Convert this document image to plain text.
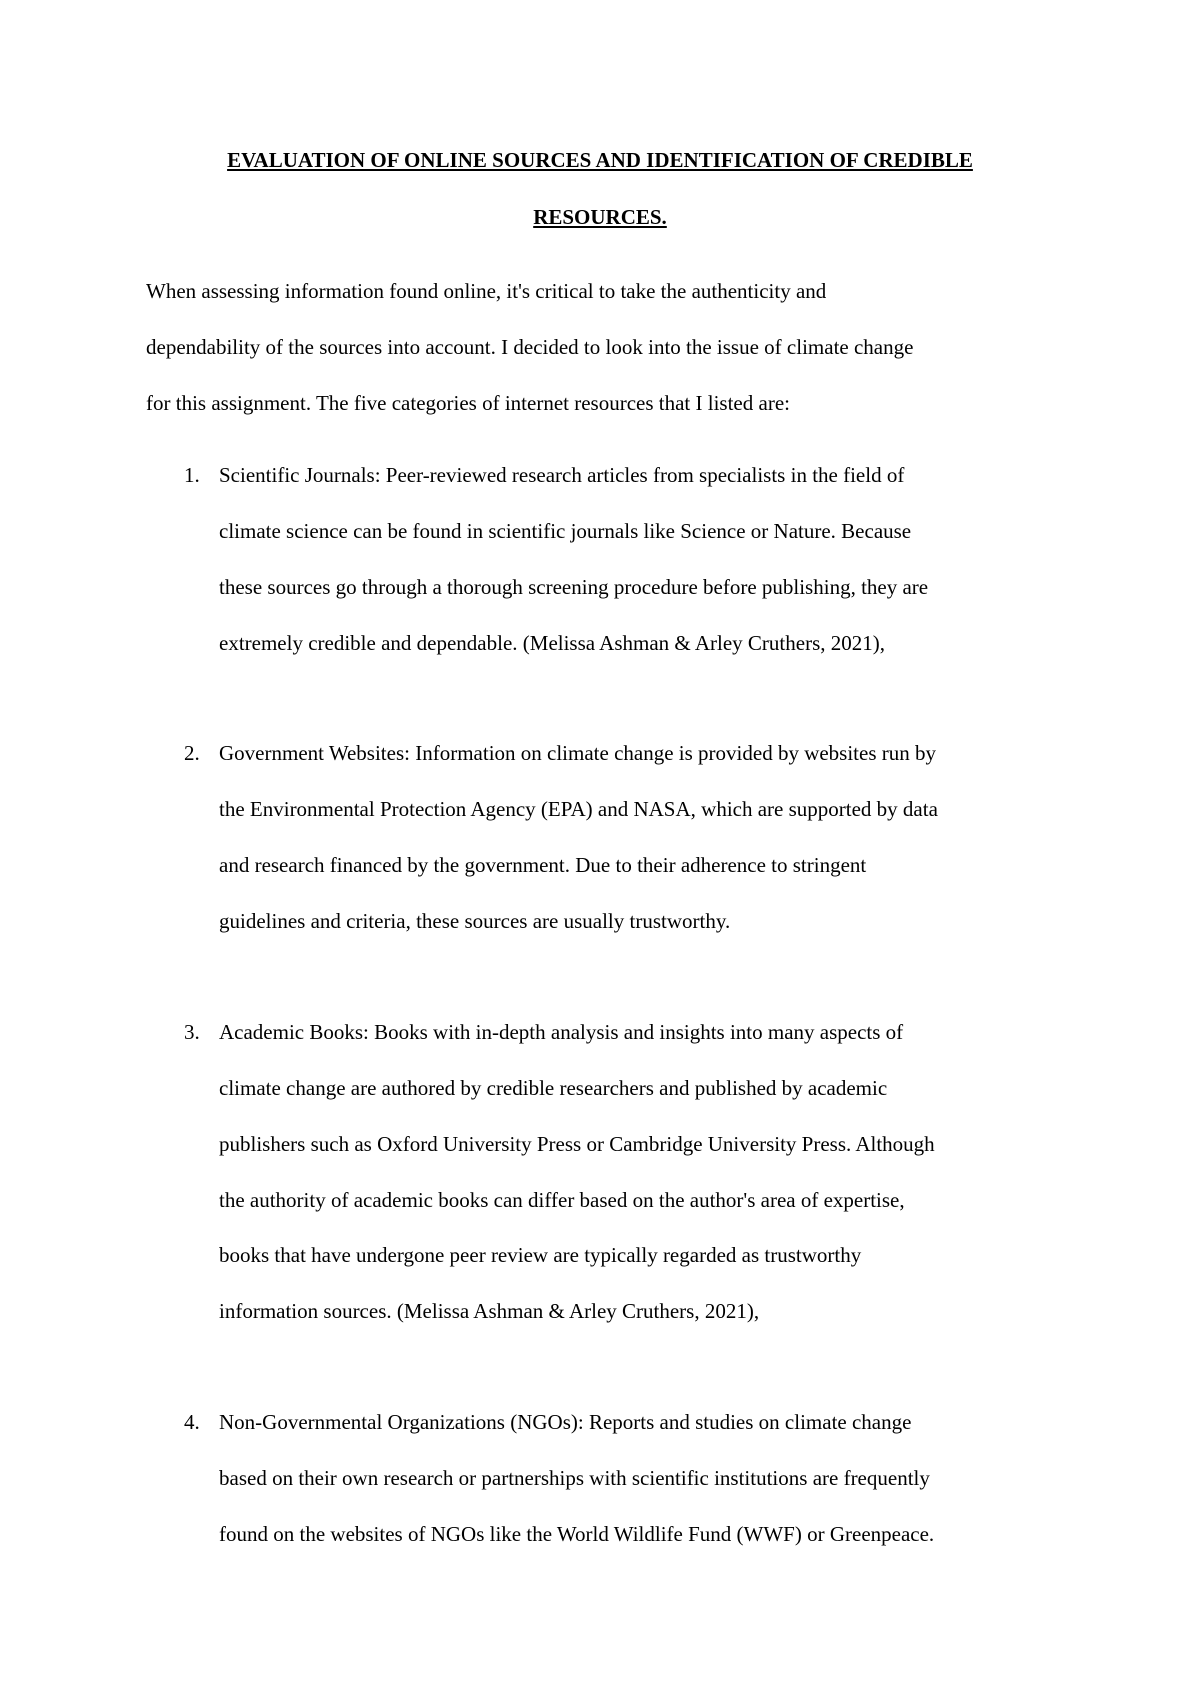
EVALUATION OF ONLINE SOURCES AND IDENTIFICATION OF CREDIBLE
RESOURCES.
When assessing information found online, it's critical to take the authenticity and
dependability of the sources into account. I decided to look into the issue of climate change
for this assignment. The five categories of internet resources that I listed are:
1. Scientific Journals: Peer-reviewed research articles from specialists in the field of
climate science can be found in scientific journals like Science or Nature. Because
these sources go through a thorough screening procedure before publishing, they are
extremely credible and dependable. (Melissa Ashman & Arley Cruthers, 2021),
2. Government Websites: Information on climate change is provided by websites run by
the Environmental Protection Agency (EPA) and NASA, which are supported by data
and research financed by the government. Due to their adherence to stringent
guidelines and criteria, these sources are usually trustworthy.
3. Academic Books: Books with in-depth analysis and insights into many aspects of
climate change are authored by credible researchers and published by academic
publishers such as Oxford University Press or Cambridge University Press. Although
the authority of academic books can differ based on the author's area of expertise,
books that have undergone peer review are typically regarded as trustworthy
information sources. (Melissa Ashman & Arley Cruthers, 2021),
4. Non-Governmental Organizations (NGOs): Reports and studies on climate change
based on their own research or partnerships with scientific institutions are frequently
found on the websites of NGOs like the World Wildlife Fund (WWF) or Greenpeace.
